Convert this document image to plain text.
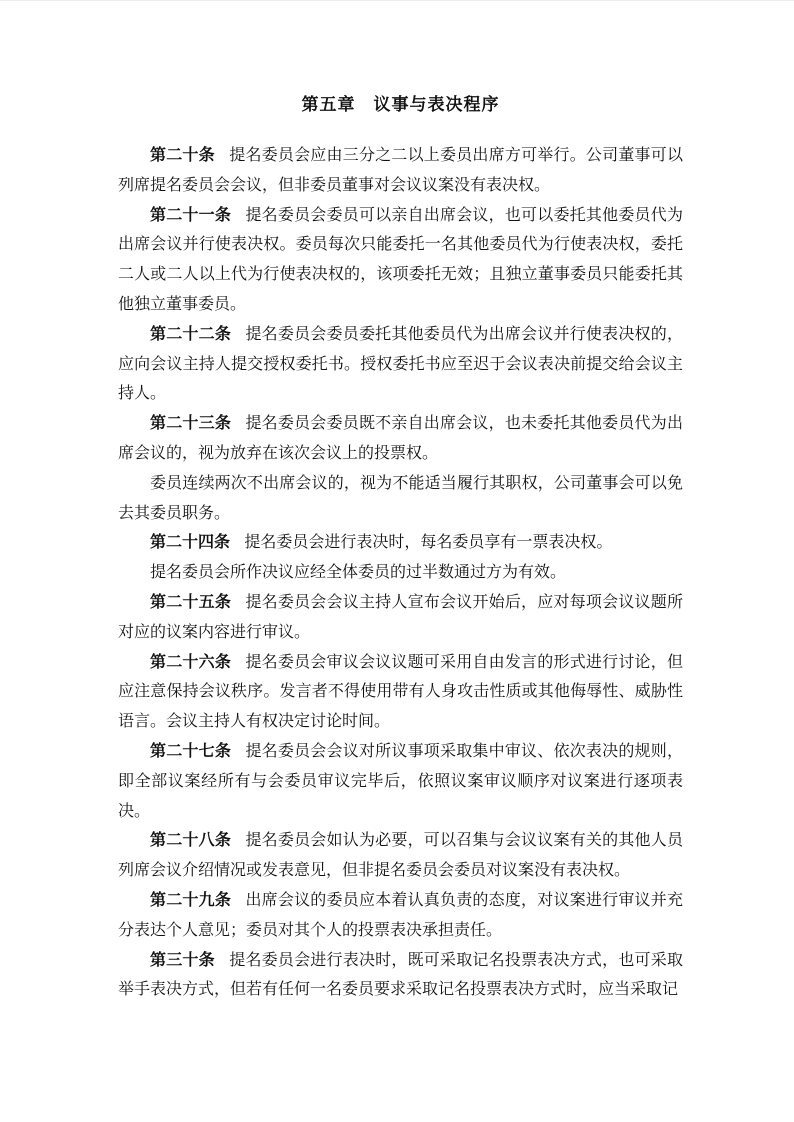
第五章　议事与表决程序

第二十条 提名委员会应由三分之二以上委员出席方可举行。公司董事可以列席提名委员会会议，但非委员董事对会议议案没有表决权。

第二十一条 提名委员会委员可以亲自出席会议，也可以委托其他委员代为出席会议并行使表决权。委员每次只能委托一名其他委员代为行使表决权，委托二人或二人以上代为行使表决权的，该项委托无效；且独立董事委员只能委托其他独立董事委员。

第二十二条 提名委员会委员委托其他委员代为出席会议并行使表决权的，应向会议主持人提交授权委托书。授权委托书应至迟于会议表决前提交给会议主持人。

第二十三条 提名委员会委员既不亲自出席会议，也未委托其他委员代为出席会议的，视为放弃在该次会议上的投票权。

委员连续两次不出席会议的，视为不能适当履行其职权，公司董事会可以免去其委员职务。

第二十四条 提名委员会进行表决时，每名委员享有一票表决权。

提名委员会所作决议应经全体委员的过半数通过方为有效。

第二十五条 提名委员会会议主持人宣布会议开始后，应对每项会议议题所对应的议案内容进行审议。

第二十六条 提名委员会审议会议议题可采用自由发言的形式进行讨论，但应注意保持会议秩序。发言者不得使用带有人身攻击性质或其他侮辱性、威胁性语言。会议主持人有权决定讨论时间。

第二十七条 提名委员会会议对所议事项采取集中审议、依次表决的规则，即全部议案经所有与会委员审议完毕后，依照议案审议顺序对议案进行逐项表决。

第二十八条 提名委员会如认为必要，可以召集与会议议案有关的其他人员列席会议介绍情况或发表意见，但非提名委员会委员对议案没有表决权。

第二十九条 出席会议的委员应本着认真负责的态度，对议案进行审议并充分表达个人意见；委员对其个人的投票表决承担责任。

第三十条 提名委员会进行表决时，既可采取记名投票表决方式，也可采取举手表决方式，但若有任何一名委员要求采取记名投票表决方式时，应当采取记
